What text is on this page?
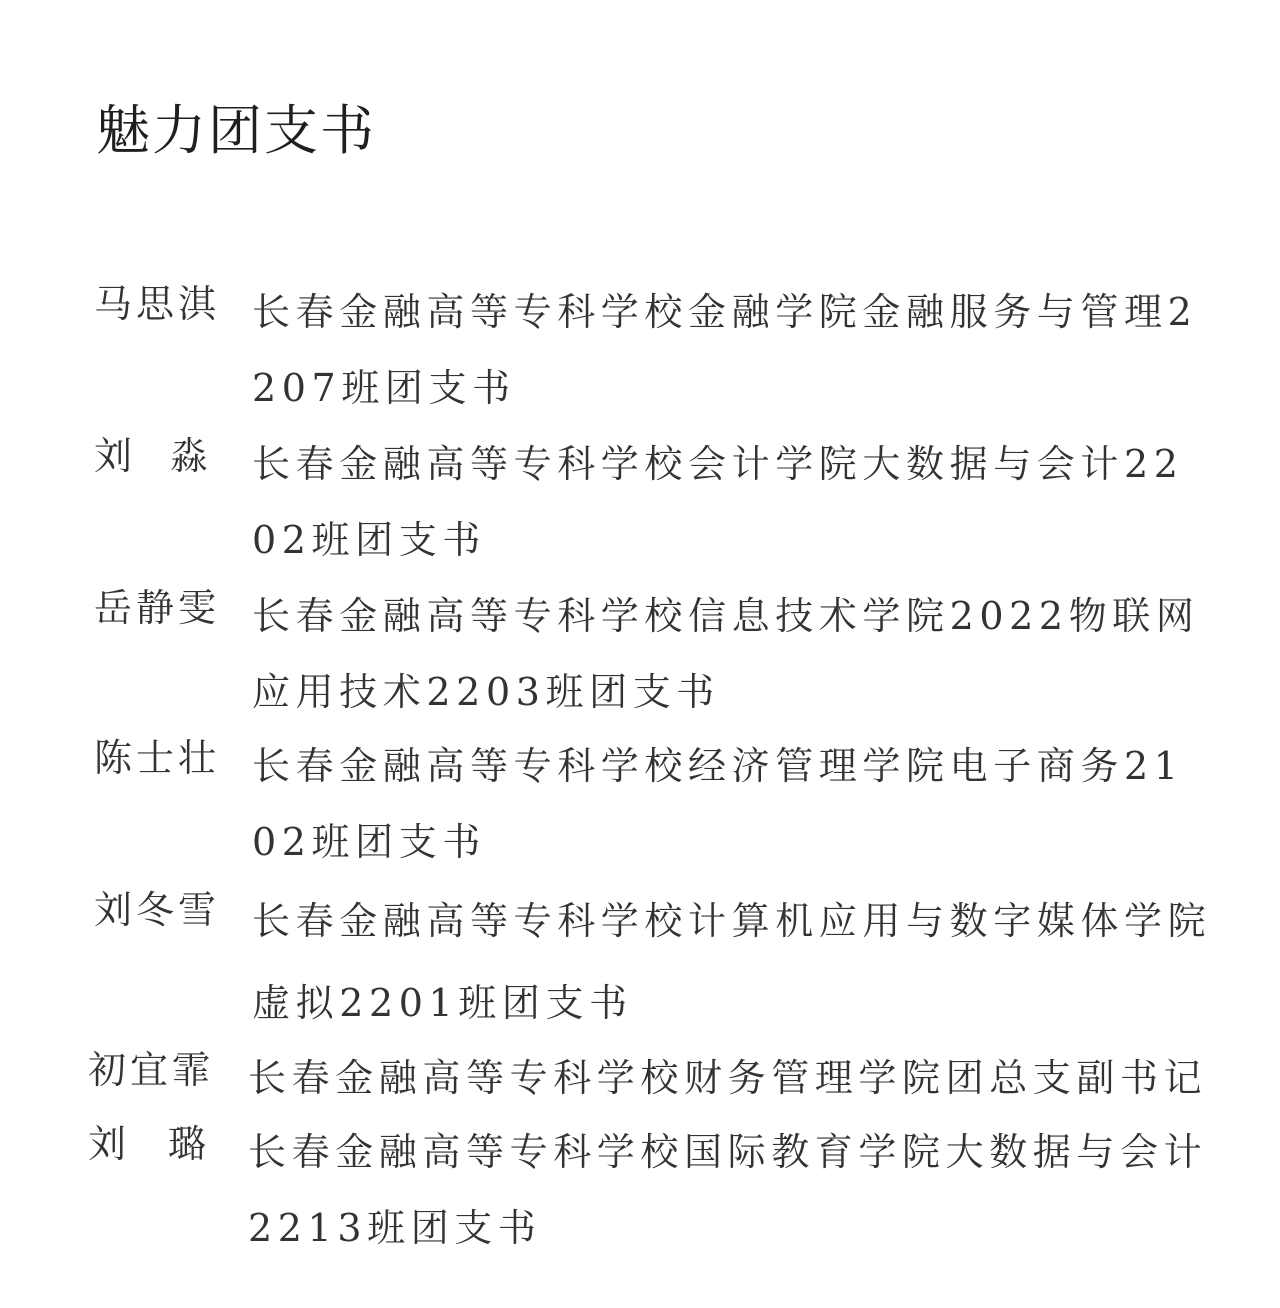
魅力团支书
马思淇 长春金融高等专科学校金融学院金融服务与管理2207班团支书
刘 淼 长春金融高等专科学校会计学院大数据与会计2202班团支书
岳静雯 长春金融高等专科学校信息技术学院2022物联网应用技术2203班团支书
陈士壮 长春金融高等专科学校经济管理学院电子商务2102班团支书
刘冬雪 长春金融高等专科学校计算机应用与数字媒体学院虚拟2201班团支书
初宜霏 长春金融高等专科学校财务管理学院团总支副书记
刘 璐 长春金融高等专科学校国际教育学院大数据与会计2213班团支书
